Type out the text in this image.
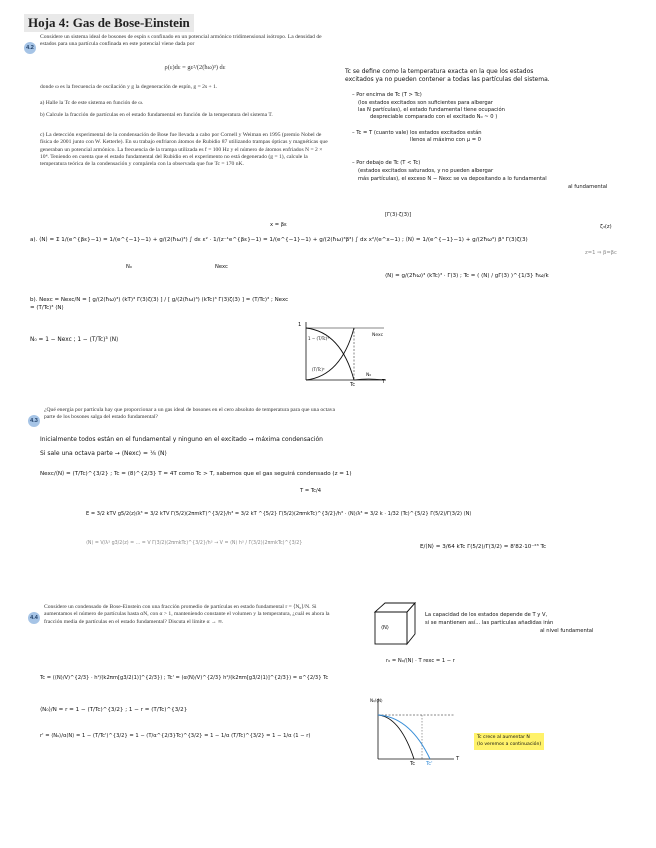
Hoja 4: Gas de Bose-Einstein
4.2
Considere un sistema ideal de bosones de espín s confinado en un potencial armónico tridimensional isótropo. La densidad de estados para una partícula confinada en este potencial viene dada por
ρ(ε)dε = gε²/(2(ħω)³) dε
donde ω es la frecuencia de oscilación y g la degeneración de espín, g = 2s + 1.
a) Halle la Tc de este sistema en función de ω.
b) Calcule la fracción de partículas en el estado fundamental en función de la temperatura del sistema T.
c) La detección experimental de la condensación de Bose fue llevada a cabo por Cornell y Weiman en 1995 (premio Nobel de física de 2001 junto con W. Ketterle). En su trabajo enfriaron átomos de Rubidio 87 utilizando trampas ópticas y magnéticas que generaban un potencial armónico. La frecuencia de la trampa utilizada es f = 100 Hz y el número de átomos enfriados N = 2 × 10⁴. Teniendo en cuenta que el estado fundamental del Rubidio en el experimento no está degenerado (g = 1), calcule la temperatura teórica de la condensación y compárela con la observada que fue Tc = 170 nK.
Tc se define como la temperatura exacta en la que los estados
excitados ya no pueden contener a todas las partículas del sistema.
– Por encima de Tc (T > Tc)
(los estados excitados son suficientes para albergar
las N partículas), el estado fundamental tiene ocupación
despreciable comparado con el excitado N₀ ~ 0 )
– Tc = T (cuanto vale) los estados excitados están
llenos al máximo con μ = 0
– Por debajo de Tc (T < Tc)
(estados excitados saturados, y no pueden albergar
más partículas), el exceso N − Nexc se va depositando a lo fundamental
al fundamental
x = βε
[Γ(3)·ζ(3)]
ζ₃(z)
a). ⟨N⟩ = Σ 1/(e^{βε}−1) = 1/(e^{−1}−1) + g/(2(ħω)³) ∫ dε ε² · 1/(z⁻¹e^{βε}−1) = 1/(e^{−1}−1) + g/(2(ħω)³β³) ∫ dx x²/(e^x−1) ; ⟨N⟩ = 1/(e^{−1}−1) + g/(2ħω³) β³ Γ(3)ζ(3)
N₀	Nexc
z=1 ⇒ β=βc
⟨N⟩ = g/(2ħω)³ (kTc)³ · Γ(3) ; Tc = ( ⟨N⟩ / gΓ(3) )^{1/3} ħω/k
b). Nexc = Nexc/N = [ g/(2(ħω)³) (kT)³ Γ(3)ζ(3) ] / [ g/(2(ħω)³) (kTc)³ Γ(3)ζ(3) ] = (T/Tc)³ ; Nexc = (T/Tc)³ ⟨N⟩
N₀ = 1 − Nexc ; 1 − (T/Tc)³ ⟨N⟩
1
T
Tc
1 − (T/Tc)³
(T/Tc)³
Nexc
N₀
4.3
¿Qué energía por partícula hay que proporcionar a un gas ideal de bosones en el cero absoluto de temperatura para que una octava parte de los bosones salga del estado fundamental?
Inicialmente todos están en el fundamental y ninguno en el excitado → máxima condensación
Si sale una octava parte → ⟨Nexc⟩ = ⅛ ⟨N⟩
Nexc/⟨N⟩ = (T/Tc)^{3/2} ; Tc = (8)^{2/3} T = 4T como Tc > T, sabemos que el gas seguirá condensado (z = 1)
T = Tc/4
E = 3/2 kTV g5/2(z)/λ³ = 3/2 kTV Γ(5/2)(2πmkT)^{3/2}/h³ = 3/2 kT ^{5/2} Γ(5/2)(2πmkTc)^{3/2}/h³ · ⟨N⟩/λ³ = 3/2 k · 1/32 (Tc)^{5/2} Γ(5/2)/Γ(3/2) ⟨N⟩
⟨N⟩ = V/λ³ g3/2(z) = ... = V Γ(3/2)(2πmkTc)^{3/2}/h³ → V = ⟨N⟩ h³ / Γ(3/2)(2πmkTc)^{3/2}
E/⟨N⟩ = 3/64 kTc Γ(5/2)/Γ(3/2) = 8'82·10⁻²³ Tc
4.4
Considere un condensado de Bose-Einstein con una fracción promedio de partículas en estado fundamental r = ⟨N₀⟩/N. Si aumentamos el número de partículas hasta αN, con α > 1, manteniendo constante el volumen y la temperatura, ¿cuál es ahora la fracción media de partículas en el estado fundamental? Discuta el límite α → ∞.
⟨N⟩
La capacidad de los estados depende de T y V,
si se mantienen así... las partículas añadidas irán
al nivel fundamental
r₀ = N₀/⟨N⟩ · T rexc = 1 − r
Tc = (⟨N⟩/V)^{2/3} · h²/(k2πm[g3/2(1)]^{2/3}) ; Tc' = (α⟨N⟩/V)^{2/3} h²/(k2πm[g3/2(1)]^{2/3}) = α^{2/3} Tc
⟨N₀⟩/N = r = 1 − (T/Tc)^{3/2} ; 1 − r = (T/Tc)^{3/2}
r' = ⟨N₀⟩/α⟨N⟩ = 1 − (T/Tc')^{3/2} = 1 − (T/α^{2/3}Tc)^{3/2} = 1 − 1/α (T/Tc)^{3/2} = 1 − 1/α (1 − r)
N₀/⟨N⟩
T
Tc Tc'
Tc crece al aumentar N
(lo veremos a continuación)
